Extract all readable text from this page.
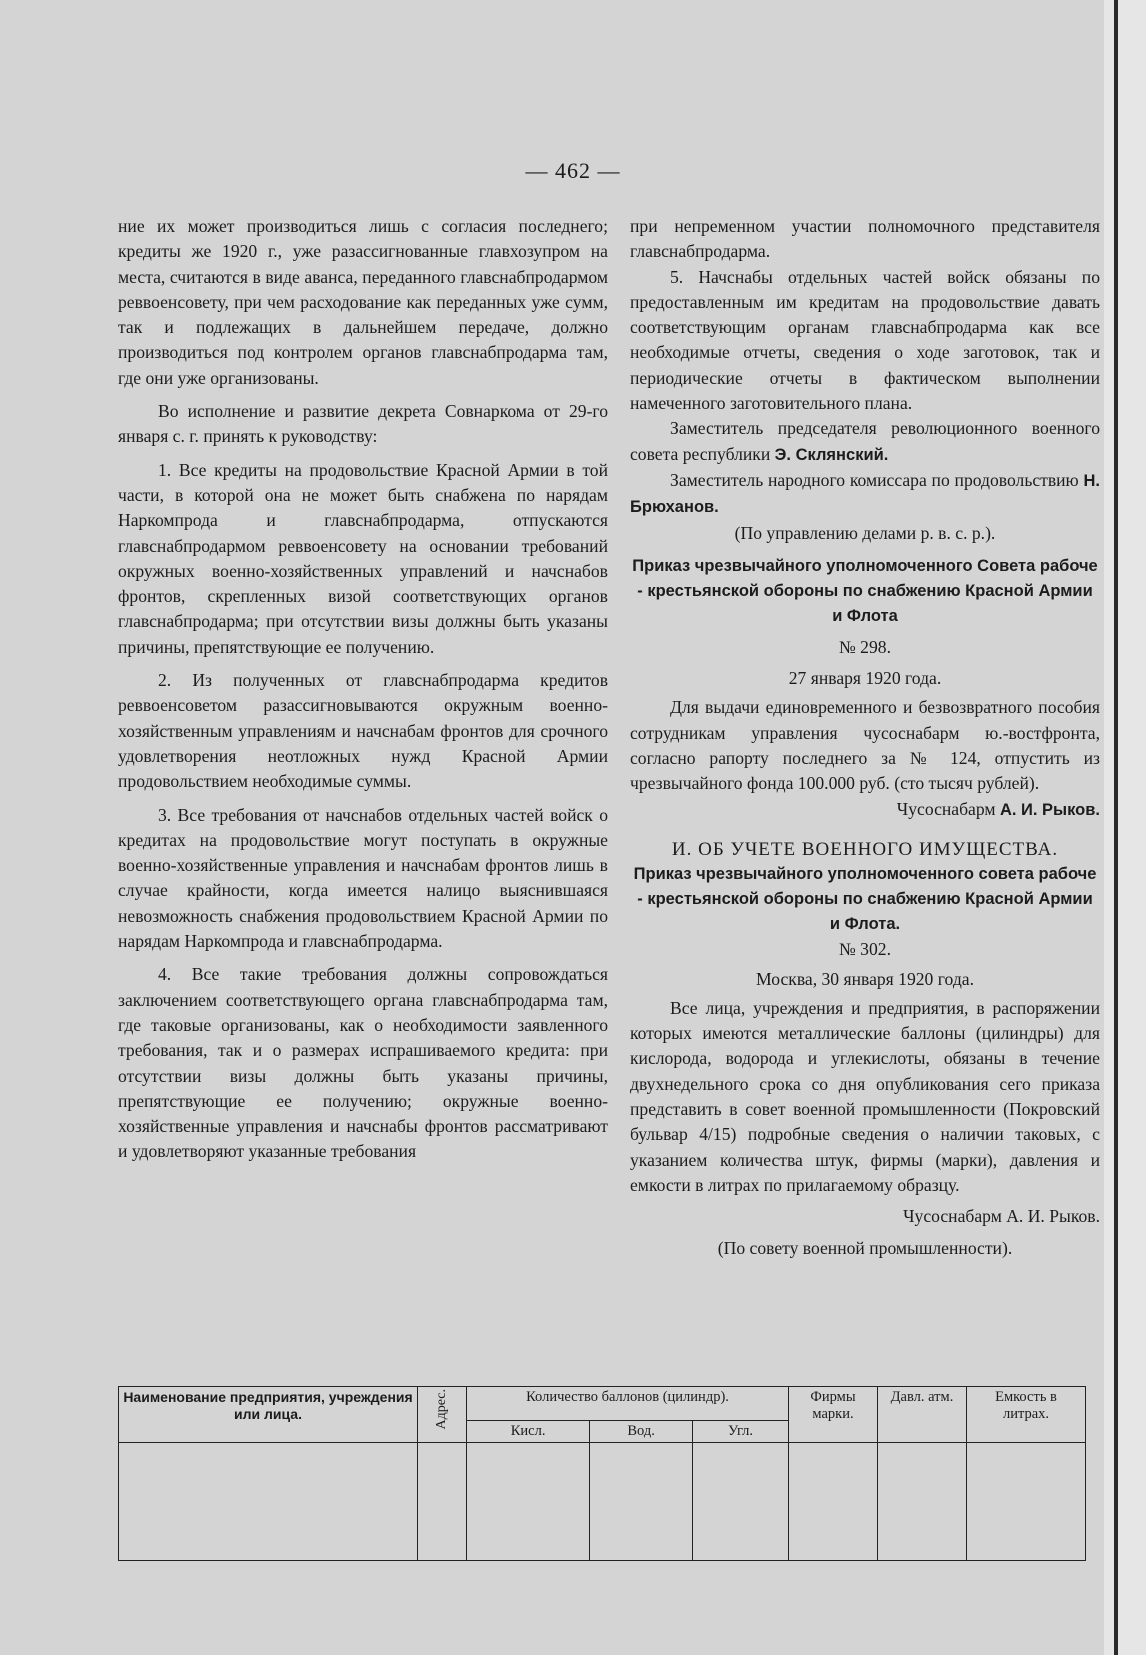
— 462 —

ние их может производиться лишь с согласия последнего; кредиты же 1920 г., уже разассигнованные главхозупром на места, считаются в виде аванса, переданного главснабпродармом реввоенсовету, при чем расходование как переданных уже сумм, так и подлежащих в дальнейшем передаче, должно производиться под контролем органов главснабпродарма там, где они уже организованы.

Во исполнение и развитие декрета Совнаркома от 29-го января с. г. принять к руководству:

1. Все кредиты на продовольствие Красной Армии в той части, в которой она не может быть снабжена по нарядам Наркомпрода и главснабпродарма, отпускаются главснабпродармом реввоенсовету на основании требований окружных военно-хозяйственных управлений и начснабов фронтов, скрепленных визой соответствующих органов главснабпродарма; при отсутствии визы должны быть указаны причины, препятствующие ее получению.

2. Из полученных от главснабпродарма кредитов реввоенсоветом разассигновываются окружным военно-хозяйственным управлениям и начснабам фронтов для срочного удовлетворения неотложных нужд Красной Армии продовольствием необходимые суммы.

3. Все требования от начснабов отдельных частей войск о кредитах на продовольствие могут поступать в окружные военно-хозяйственные управления и начснабам фронтов лишь в случае крайности, когда имеется налицо выяснившаяся невозможность снабжения продовольствием Красной Армии по нарядам Наркомпрода и главснабпродарма.

4. Все такие требования должны сопровождаться заключением соответствующего органа главснабпродарма там, где таковые организованы, как о необходимости заявленного требования, так и о размерах испрашиваемого кредита: при отсутствии визы должны быть указаны причины, препятствующие ее получению; окружные военно-хозяйственные управления и начснабы фронтов рассматривают и удовлетворяют указанные требования

при непременном участии полномочного представителя главснабпродарма.

5. Начснабы отдельных частей войск обязаны по предоставленным им кредитам на продовольствие давать соответствующим органам главснабпродарма как все необходимые отчеты, сведения о ходе заготовок, так и периодические отчеты в фактическом выполнении намеченного заготовительного плана.

Заместитель председателя революционного военного совета республики Э. Склянский.

Заместитель народного комиссара по продовольствию Н. Брюханов.

(По управлению делами р. в. с. р.).

Приказ чрезвычайного уполномоченного Совета рабоче - крестьянской обороны по снабжению Красной Армии и Флота

№ 298.

27 января 1920 года.

Для выдачи единовременного и безвозвратного пособия сотрудникам управления чусоснабарм ю.-востфронта, согласно рапорту последнего за № 124, отпустить из чрезвычайного фонда 100.000 руб. (сто тысяч рублей).

Чусоснабарм А. И. Рыков.

И. ОБ УЧЕТЕ ВОЕННОГО ИМУЩЕСТВА.

Приказ чрезвычайного уполномоченного совета рабоче - крестьянской обороны по снабжению Красной Армии и Флота.

№ 302.

Москва, 30 января 1920 года.

Все лица, учреждения и предприятия, в распоряжении которых имеются металлические баллоны (цилиндры) для кислорода, водорода и углекислоты, обязаны в течение двухнедельного срока со дня опубликования сего приказа представить в совет военной промышленности (Покровский бульвар 4/15) подробные сведения о наличии таковых, с указанием количества штук, фирмы (марки), давления и емкости в литрах по прилагаемому образцу.

Чусоснабарм А. И. Рыков.

(По совету военной промышленности).

Наименование предприятия, учреждения или лица.	Адрес.	Количество баллонов (цилиндр).			Фирмы марки.	Давл. атм.	Емкость в литрах.
		Кисл.	Вод.	Угл.			
